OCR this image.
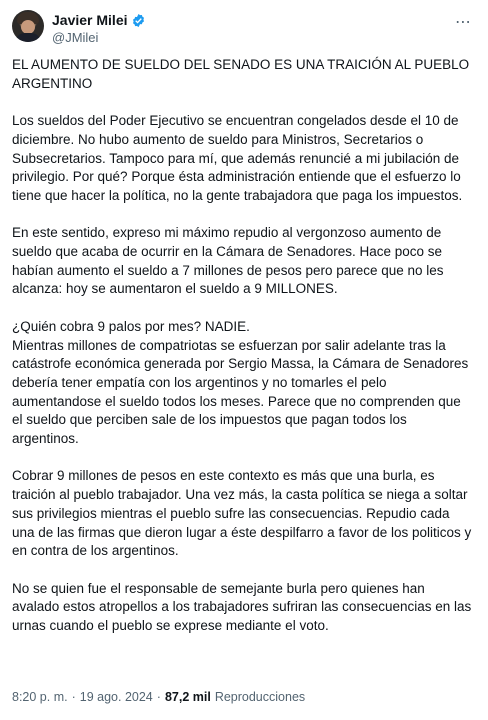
Javier Milei
@JMilei
⋯

EL AUMENTO DE SUELDO DEL SENADO ES UNA TRAICIÓN AL PUEBLO ARGENTINO

Los sueldos del Poder Ejecutivo se encuentran congelados desde el 10 de diciembre. No hubo aumento de sueldo para Ministros, Secretarios o Subsecretarios. Tampoco para mí, que además renuncié a mi jubilación de privilegio. Por qué? Porque ésta administración entiende que el esfuerzo lo tiene que hacer la política, no la gente trabajadora que paga los impuestos.

En este sentido, expreso mi máximo repudio al vergonzoso aumento de sueldo que acaba de ocurrir en la Cámara de Senadores. Hace poco se habían aumento el sueldo a 7 millones de pesos pero parece que no les alcanza: hoy se aumentaron el sueldo a 9 MILLONES.

¿Quién cobra 9 palos por mes? NADIE.
Mientras millones de compatriotas se esfuerzan por salir adelante tras la catástrofe económica generada por Sergio Massa, la Cámara de Senadores debería tener empatía con los argentinos y no tomarles el pelo aumentandose el sueldo todos los meses. Parece que no comprenden que el sueldo que perciben sale de los impuestos que pagan todos los argentinos.

Cobrar 9 millones de pesos en este contexto es más que una burla, es traición al pueblo trabajador. Una vez más, la casta política se niega a soltar sus privilegios mientras el pueblo sufre las consecuencias. Repudio cada una de las firmas que dieron lugar a éste despilfarro a favor de los politicos y en contra de los argentinos.

No se quien fue el responsable de semejante burla pero quienes han avalado estos atropellos a los trabajadores sufriran las consecuencias en las urnas cuando el pueblo se exprese mediante el voto.

8:20 p. m. · 19 ago. 2024 · 87,2 mil Reproducciones
